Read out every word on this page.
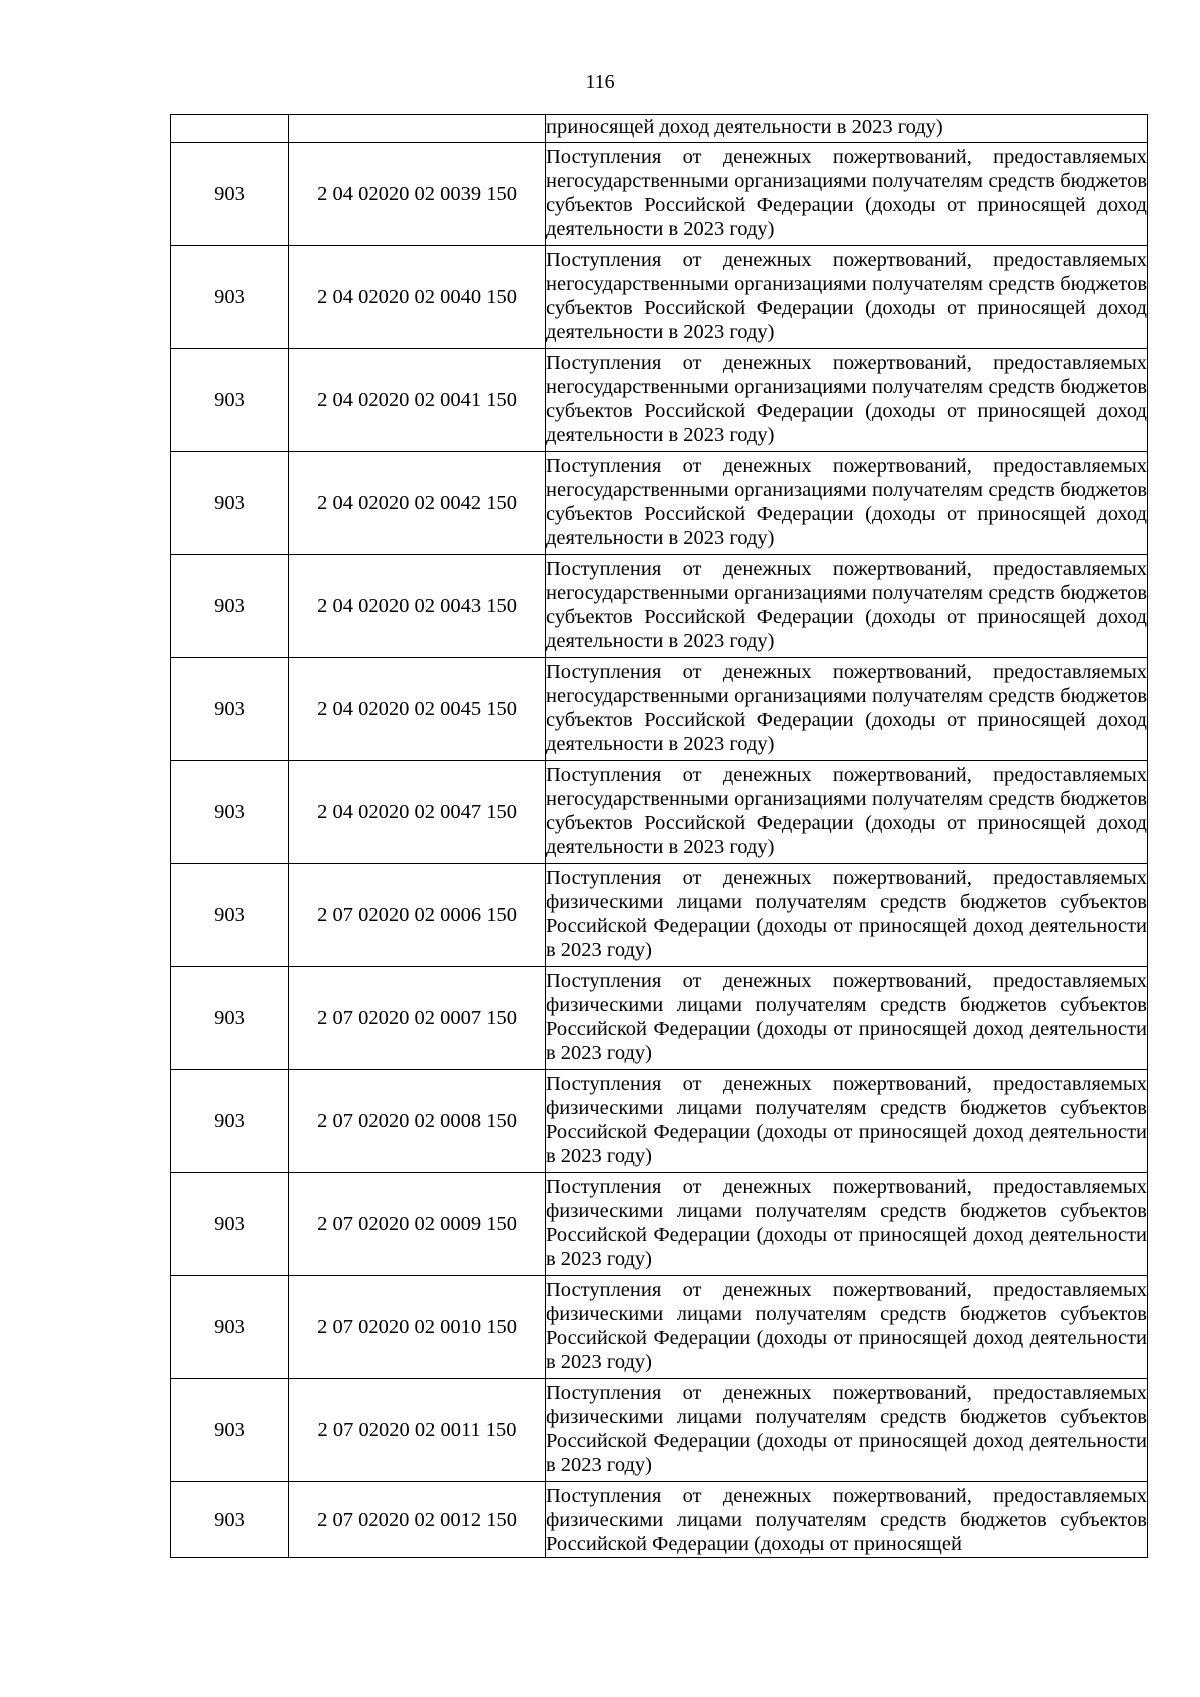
116

		приносящей доход деятельности в 2023 году)

903	2 04 02020 02 0039 150	Поступления от денежных пожертвований, предоставляемых негосударственными организациями получателям средств бюджетов субъектов Российской Федерации (доходы от приносящей доход деятельности в 2023 году)

903	2 04 02020 02 0040 150	Поступления от денежных пожертвований, предоставляемых негосударственными организациями получателям средств бюджетов субъектов Российской Федерации (доходы от приносящей доход деятельности в 2023 году)

903	2 04 02020 02 0041 150	Поступления от денежных пожертвований, предоставляемых негосударственными организациями получателям средств бюджетов субъектов Российской Федерации (доходы от приносящей доход деятельности в 2023 году)

903	2 04 02020 02 0042 150	Поступления от денежных пожертвований, предоставляемых негосударственными организациями получателям средств бюджетов субъектов Российской Федерации (доходы от приносящей доход деятельности в 2023 году)

903	2 04 02020 02 0043 150	Поступления от денежных пожертвований, предоставляемых негосударственными организациями получателям средств бюджетов субъектов Российской Федерации (доходы от приносящей доход деятельности в 2023 году)

903	2 04 02020 02 0045 150	Поступления от денежных пожертвований, предоставляемых негосударственными организациями получателям средств бюджетов субъектов Российской Федерации (доходы от приносящей доход деятельности в 2023 году)

903	2 04 02020 02 0047 150	Поступления от денежных пожертвований, предоставляемых негосударственными организациями получателям средств бюджетов субъектов Российской Федерации (доходы от приносящей доход деятельности в 2023 году)

903	2 07 02020 02 0006 150	Поступления от денежных пожертвований, предоставляемых физическими лицами получателям средств бюджетов субъектов Российской Федерации (доходы от приносящей доход деятельности в 2023 году)

903	2 07 02020 02 0007 150	Поступления от денежных пожертвований, предоставляемых физическими лицами получателям средств бюджетов субъектов Российской Федерации (доходы от приносящей доход деятельности в 2023 году)

903	2 07 02020 02 0008 150	Поступления от денежных пожертвований, предоставляемых физическими лицами получателям средств бюджетов субъектов Российской Федерации (доходы от приносящей доход деятельности в 2023 году)

903	2 07 02020 02 0009 150	Поступления от денежных пожертвований, предоставляемых физическими лицами получателям средств бюджетов субъектов Российской Федерации (доходы от приносящей доход деятельности в 2023 году)

903	2 07 02020 02 0010 150	Поступления от денежных пожертвований, предоставляемых физическими лицами получателям средств бюджетов субъектов Российской Федерации (доходы от приносящей доход деятельности в 2023 году)

903	2 07 02020 02 0011 150	Поступления от денежных пожертвований, предоставляемых физическими лицами получателям средств бюджетов субъектов Российской Федерации (доходы от приносящей доход деятельности в 2023 году)

903	2 07 02020 02 0012 150	Поступления от денежных пожертвований, предоставляемых физическими лицами получателям средств бюджетов субъектов Российской Федерации (доходы от приносящей
